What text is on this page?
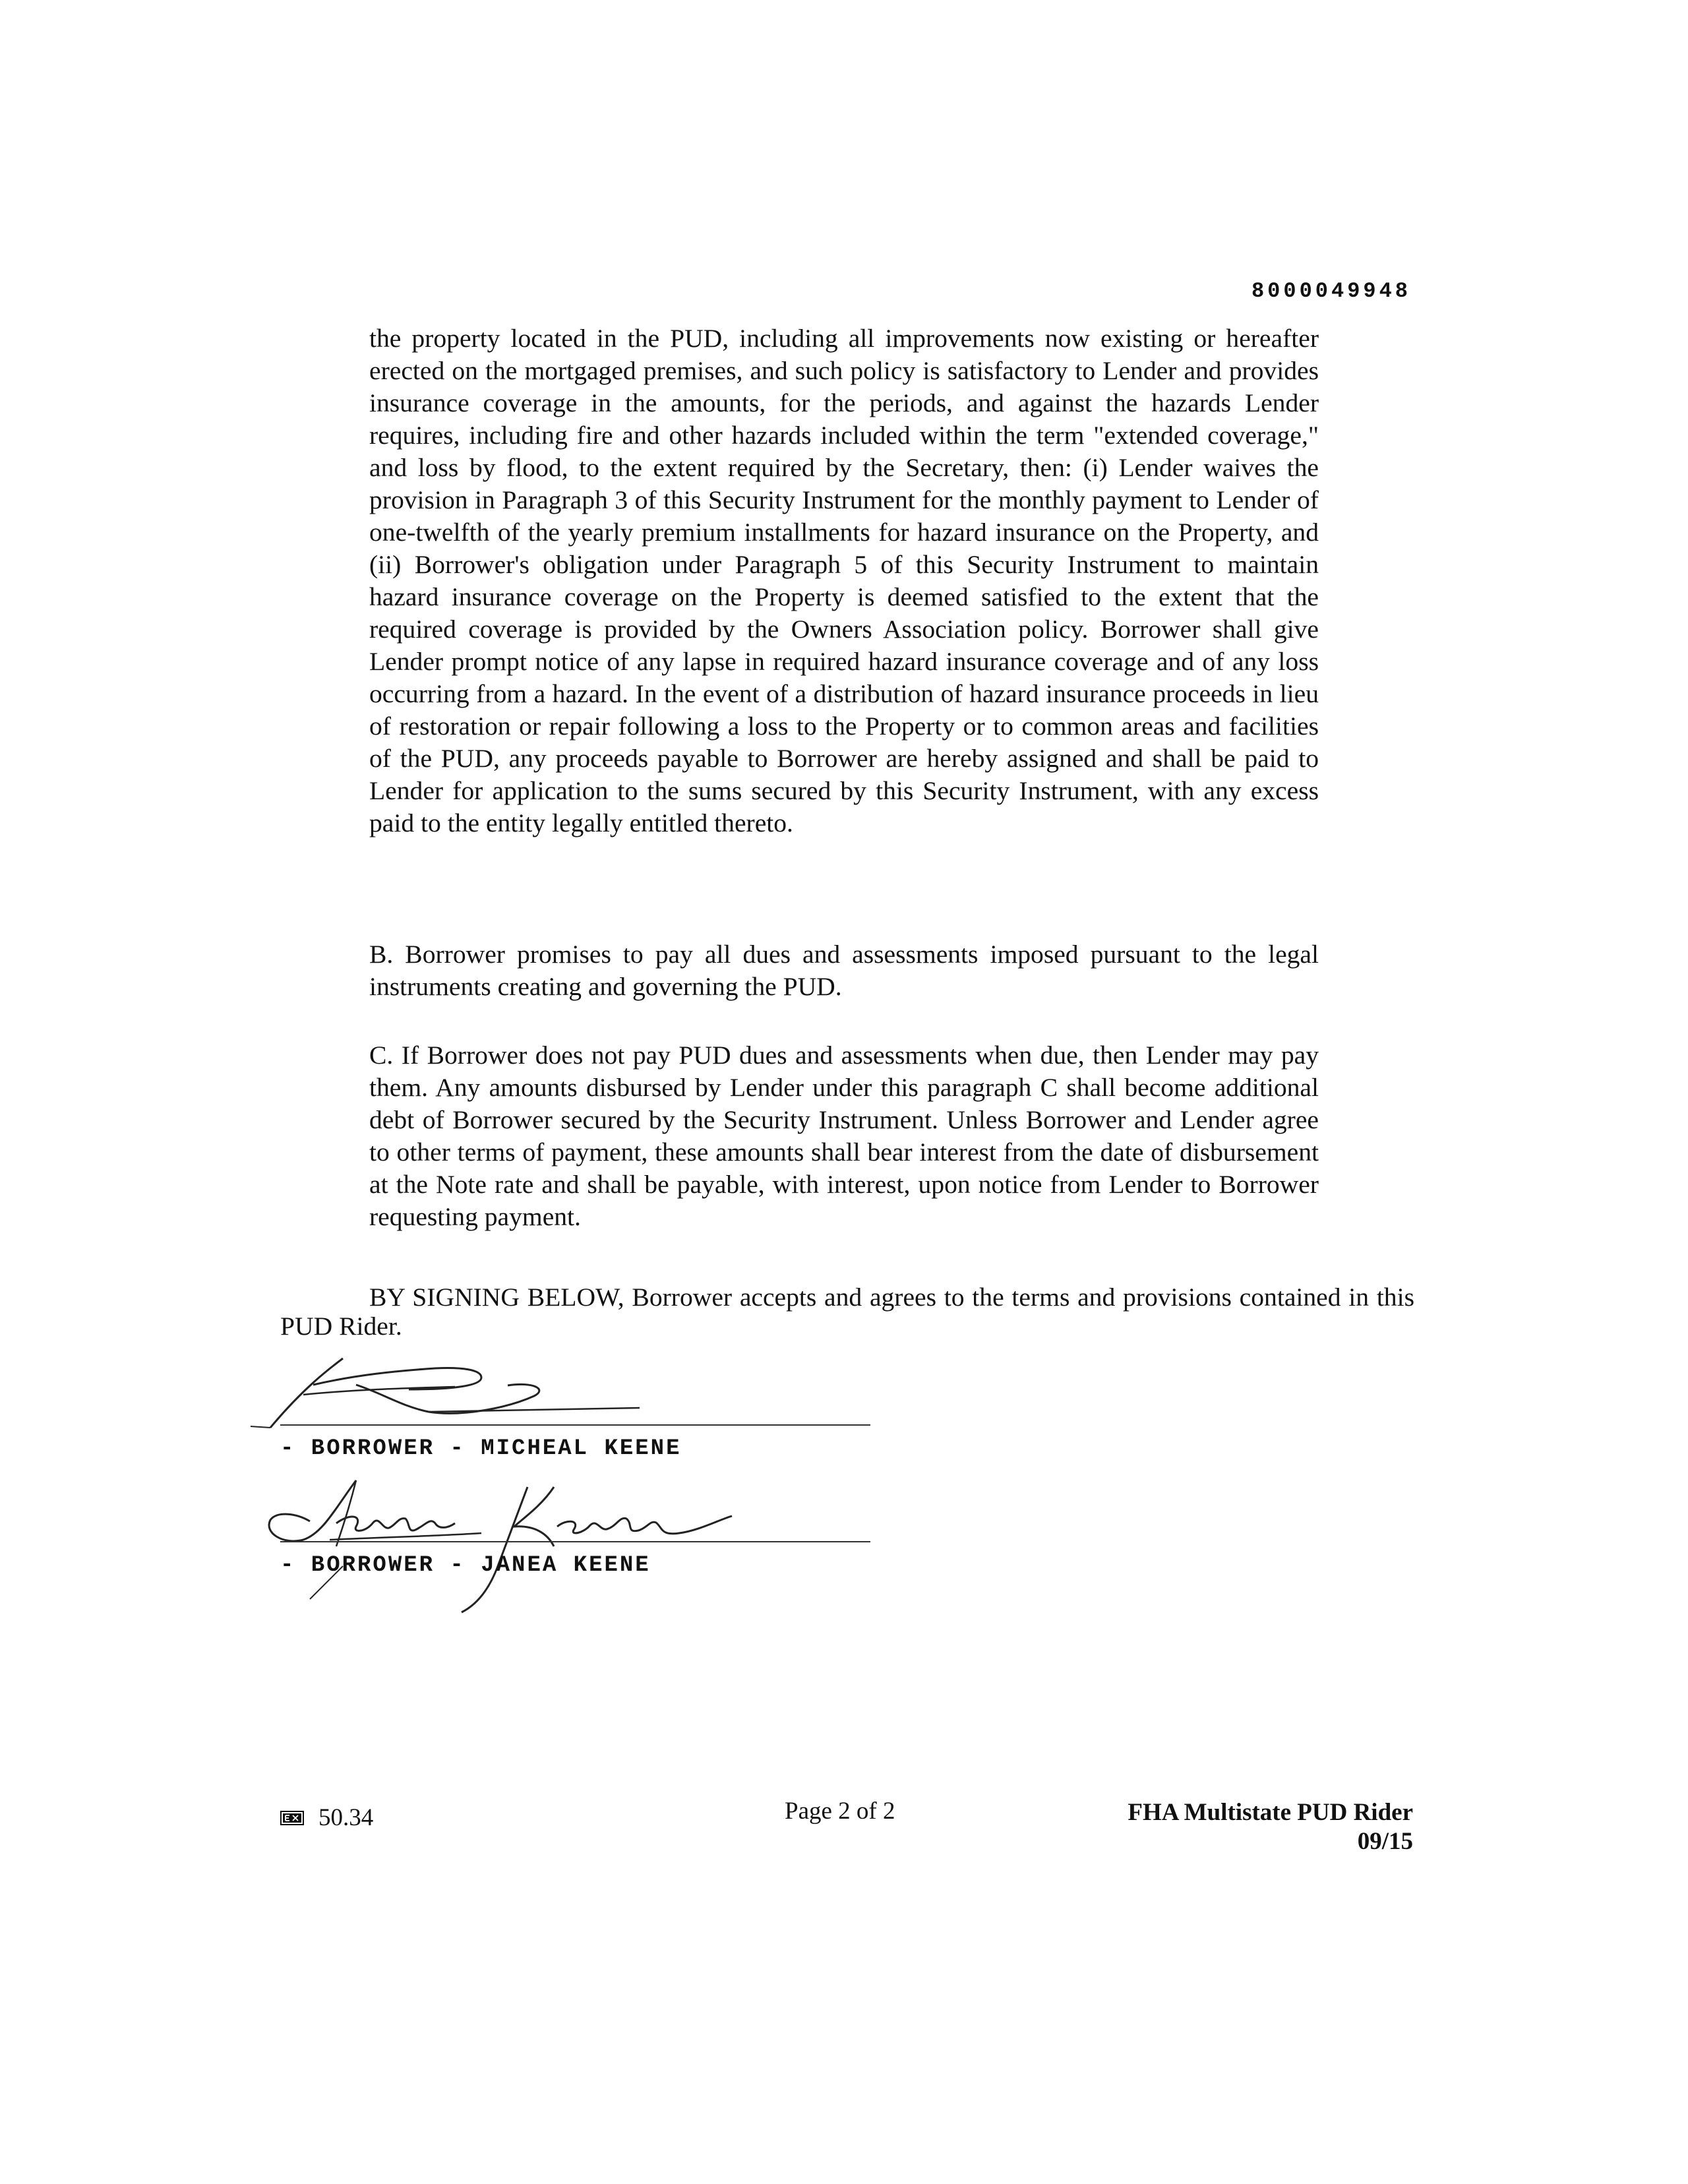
8000049948

the property located in the PUD, including all improvements now existing or hereafter erected on the mortgaged premises, and such policy is satisfactory to Lender and provides insurance coverage in the amounts, for the periods, and against the hazards Lender requires, including fire and other hazards included within the term "extended coverage," and loss by flood, to the extent required by the Secretary, then: (i) Lender waives the provision in Paragraph 3 of this Security Instrument for the monthly payment to Lender of one-twelfth of the yearly premium installments for hazard insurance on the Property, and (ii) Borrower's obligation under Paragraph 5 of this Security Instrument to maintain hazard insurance coverage on the Property is deemed satisfied to the extent that the required coverage is provided by the Owners Association policy. Borrower shall give Lender prompt notice of any lapse in required hazard insurance coverage and of any loss occurring from a hazard. In the event of a distribution of hazard insurance proceeds in lieu of restoration or repair following a loss to the Property or to common areas and facilities of the PUD, any proceeds payable to Borrower are hereby assigned and shall be paid to Lender for application to the sums secured by this Security Instrument, with any excess paid to the entity legally entitled thereto.

B. Borrower promises to pay all dues and assessments imposed pursuant to the legal instruments creating and governing the PUD.

C. If Borrower does not pay PUD dues and assessments when due, then Lender may pay them. Any amounts disbursed by Lender under this paragraph C shall become additional debt of Borrower secured by the Security Instrument. Unless Borrower and Lender agree to other terms of payment, these amounts shall bear interest from the date of disbursement at the Note rate and shall be payable, with interest, upon notice from Lender to Borrower requesting payment.

BY SIGNING BELOW, Borrower accepts and agrees to the terms and provisions contained in this PUD Rider.

- BORROWER - MICHEAL KEENE
- BORROWER - JANEA KEENE
50.34	Page 2 of 2	FHA Multistate PUD Rider
09/15
